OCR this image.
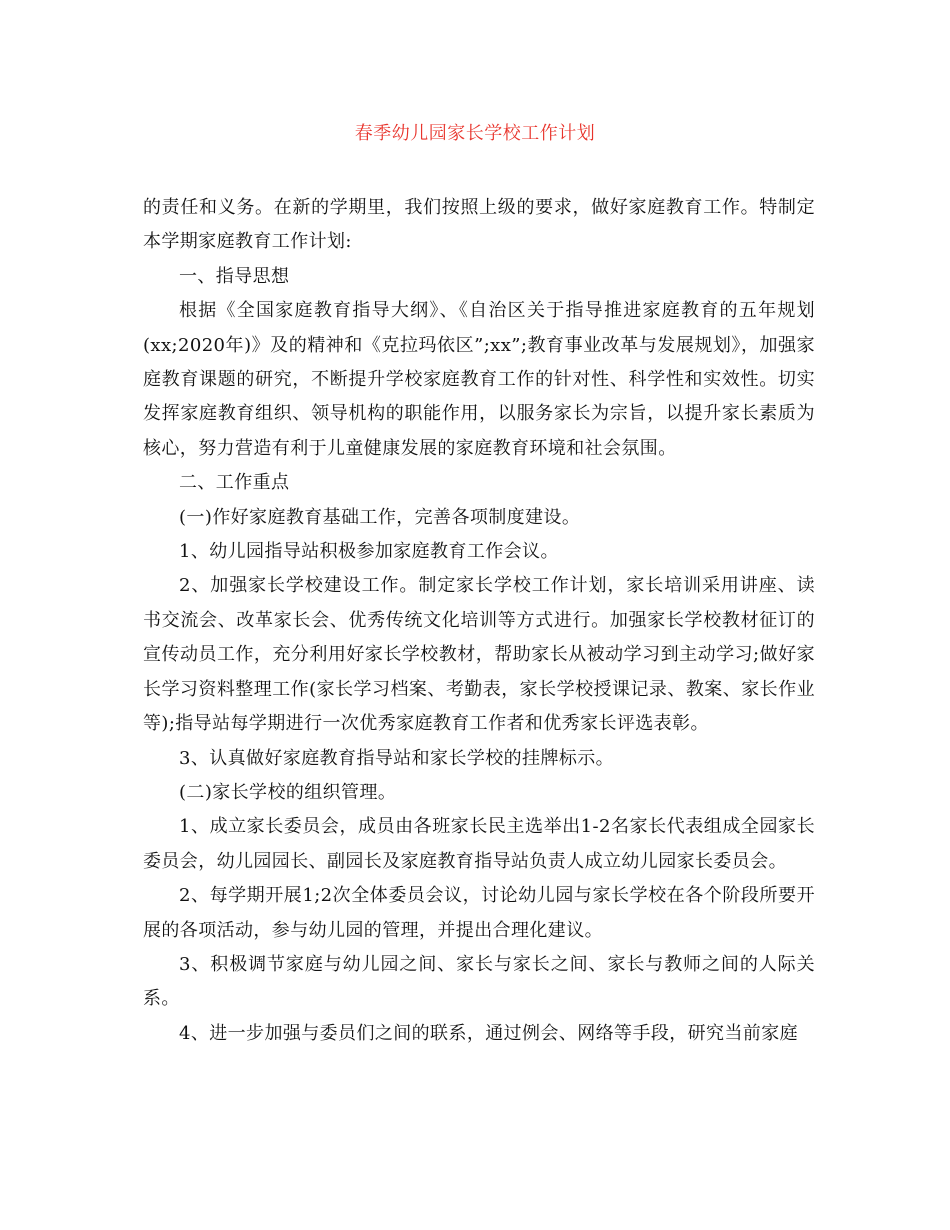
春季幼儿园家长学校工作计划

的责任和义务。在新的学期里，我们按照上级的要求，做好家庭教育工作。特制定本学期家庭教育工作计划:

一、指导思想

根据《全国家庭教育指导大纲》、《自治区关于指导推进家庭教育的五年规划(xx;2020年)》及的精神和《克拉玛依区”;xx”;教育事业改革与发展规划》，加强家庭教育课题的研究，不断提升学校家庭教育工作的针对性、科学性和实效性。切实发挥家庭教育组织、领导机构的职能作用，以服务家长为宗旨，以提升家长素质为核心，努力营造有利于儿童健康发展的家庭教育环境和社会氛围。

二、工作重点

(一)作好家庭教育基础工作，完善各项制度建设。

1、幼儿园指导站积极参加家庭教育工作会议。

2、加强家长学校建设工作。制定家长学校工作计划，家长培训采用讲座、读书交流会、改革家长会、优秀传统文化培训等方式进行。加强家长学校教材征订的宣传动员工作，充分利用好家长学校教材，帮助家长从被动学习到主动学习;做好家长学习资料整理工作(家长学习档案、考勤表，家长学校授课记录、教案、家长作业等);指导站每学期进行一次优秀家庭教育工作者和优秀家长评选表彰。

3、认真做好家庭教育指导站和家长学校的挂牌标示。

(二)家长学校的组织管理。

1、成立家长委员会，成员由各班家长民主选举出1-2名家长代表组成全园家长委员会，幼儿园园长、副园长及家庭教育指导站负责人成立幼儿园家长委员会。

2、每学期开展1;2次全体委员会议，讨论幼儿园与家长学校在各个阶段所要开展的各项活动，参与幼儿园的管理，并提出合理化建议。

3、积极调节家庭与幼儿园之间、家长与家长之间、家长与教师之间的人际关系。

4、进一步加强与委员们之间的联系，通过例会、网络等手段，研究当前家庭
